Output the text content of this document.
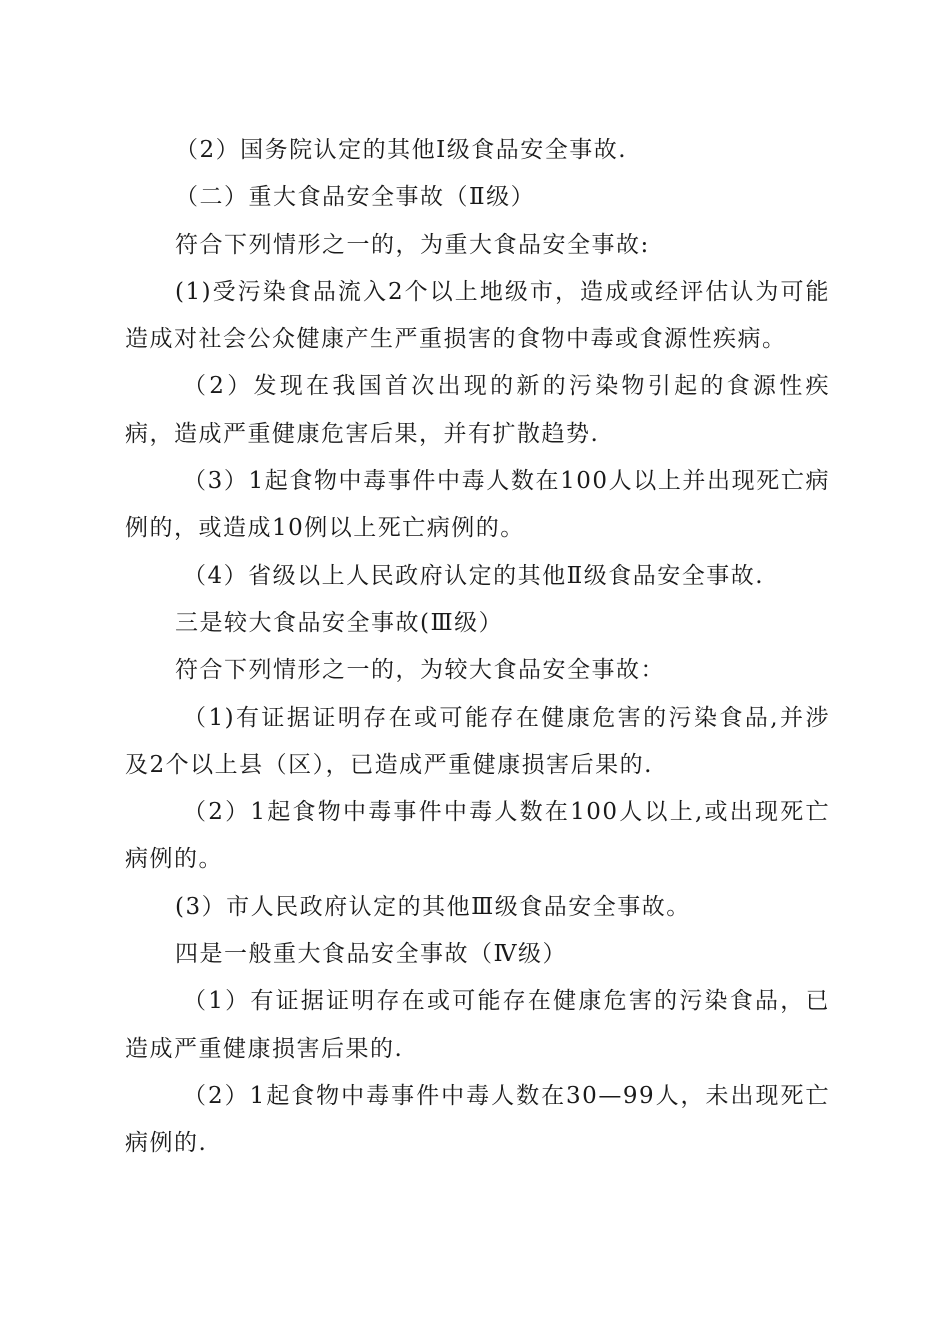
（2）国务院认定的其他Ⅰ级食品安全事故.

（二）重大食品安全事故（Ⅱ级）

符合下列情形之一的，为重大食品安全事故:

(1)受污染食品流入2个以上地级市，造成或经评估认为可能造成对社会公众健康产生严重损害的食物中毒或食源性疾病。

（2）发现在我国首次出现的新的污染物引起的食源性疾病，造成严重健康危害后果，并有扩散趋势.

（3）1起食物中毒事件中毒人数在100人以上并出现死亡病例的，或造成10例以上死亡病例的。

（4）省级以上人民政府认定的其他Ⅱ级食品安全事故.

三是较大食品安全事故(Ⅲ级）

符合下列情形之一的，为较大食品安全事故：

（1)有证据证明存在或可能存在健康危害的污染食品,并涉及2个以上县（区），已造成严重健康损害后果的.

（2）1起食物中毒事件中毒人数在100人以上,或出现死亡病例的。

(3）市人民政府认定的其他Ⅲ级食品安全事故。

四是一般重大食品安全事故（Ⅳ级）

（1）有证据证明存在或可能存在健康危害的污染食品，已造成严重健康损害后果的.

（2）1起食物中毒事件中毒人数在30—99人，未出现死亡病例的.
